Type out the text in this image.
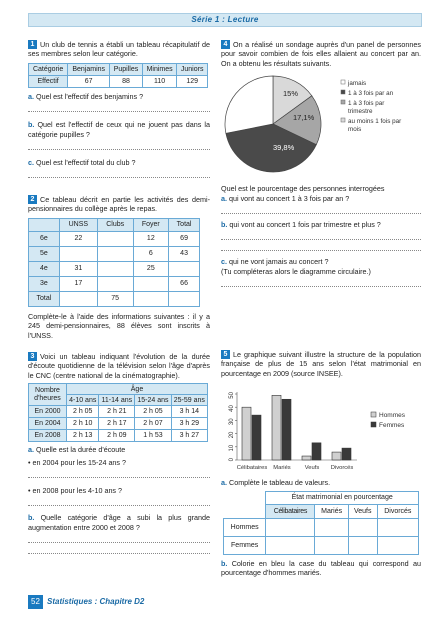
Série 1 : Lecture

1 Un club de tennis a établi un tableau récapitulatif de ses membres selon leur catégorie.

Catégorie	Benjamins	Pupilles	Minimes	Juniors
Effectif	67	88	110	129

a. Quel est l'effectif des benjamins ?

b. Quel est l'effectif de ceux qui ne jouent pas dans la catégorie pupilles ?

c. Quel est l'effectif total du club ?

2 Ce tableau décrit en partie les activités des demi-pensionnaires du collège après le repas.

	UNSS	Clubs	Foyer	Total
6e	22		12	69
5e			6	43
4e	31		25	
3e	17			66
Total		75		

Complète-le à l'aide des informations suivantes : il y a 245 demi-pensionnaires, 88 élèves sont inscrits à l'UNSS.

3 Voici un tableau indiquant l'évolution de la durée d'écoute quotidienne de la télévision selon l'âge d'après le CNC (centre national de la cinématographie).

Nombre d'heures	Âge			
	4-10 ans	11-14 ans	15-24 ans	25-59 ans
En 2000	2 h 05	2 h 21	2 h 05	3 h 14
En 2004	2 h 10	2 h 17	2 h 07	3 h 29
En 2008	2 h 13	2 h 09	1 h 53	3 h 27

a. Quelle est la durée d'écoute

• en 2004 pour les 15-24 ans ?

• en 2008 pour les 4-10 ans ?

b. Quelle catégorie d'âge a subi la plus grande augmentation entre 2000 et 2008 ?

4 On a réalisé un sondage auprès d'un panel de personnes pour savoir combien de fois elles allaient au concert par an. On a obtenu les résultats suivants.

15%
17,1%
39,8%
jamais
1 à 3 fois par an
1 à 3 fois par
trimestre
au moins 1 fois par
mois

Quel est le pourcentage des personnes interrogées

a. qui vont au concert 1 à 3 fois par an ?

b. qui vont au concert 1 fois par trimestre et plus ?

c. qui ne vont jamais au concert ?

(Tu compléteras alors le diagramme circulaire.)

5 Le graphique suivant illustre la structure de la population française de plus de 15 ans selon l'état matrimonial en pourcentage en 2009 (source INSEE).

0
10
20
30
40
50
Célibataires Mariés Veufs Divorcés
Hommes
Femmes

a. Complète le tableau de valeurs.

	État matrimonial en pourcentage			
	Célibataires	Mariés	Veufs	Divorcés
Hommes				
Femmes				

b. Colorie en bleu la case du tableau qui correspond au pourcentage d'hommes mariés.

52 Statistiques : Chapitre D2
